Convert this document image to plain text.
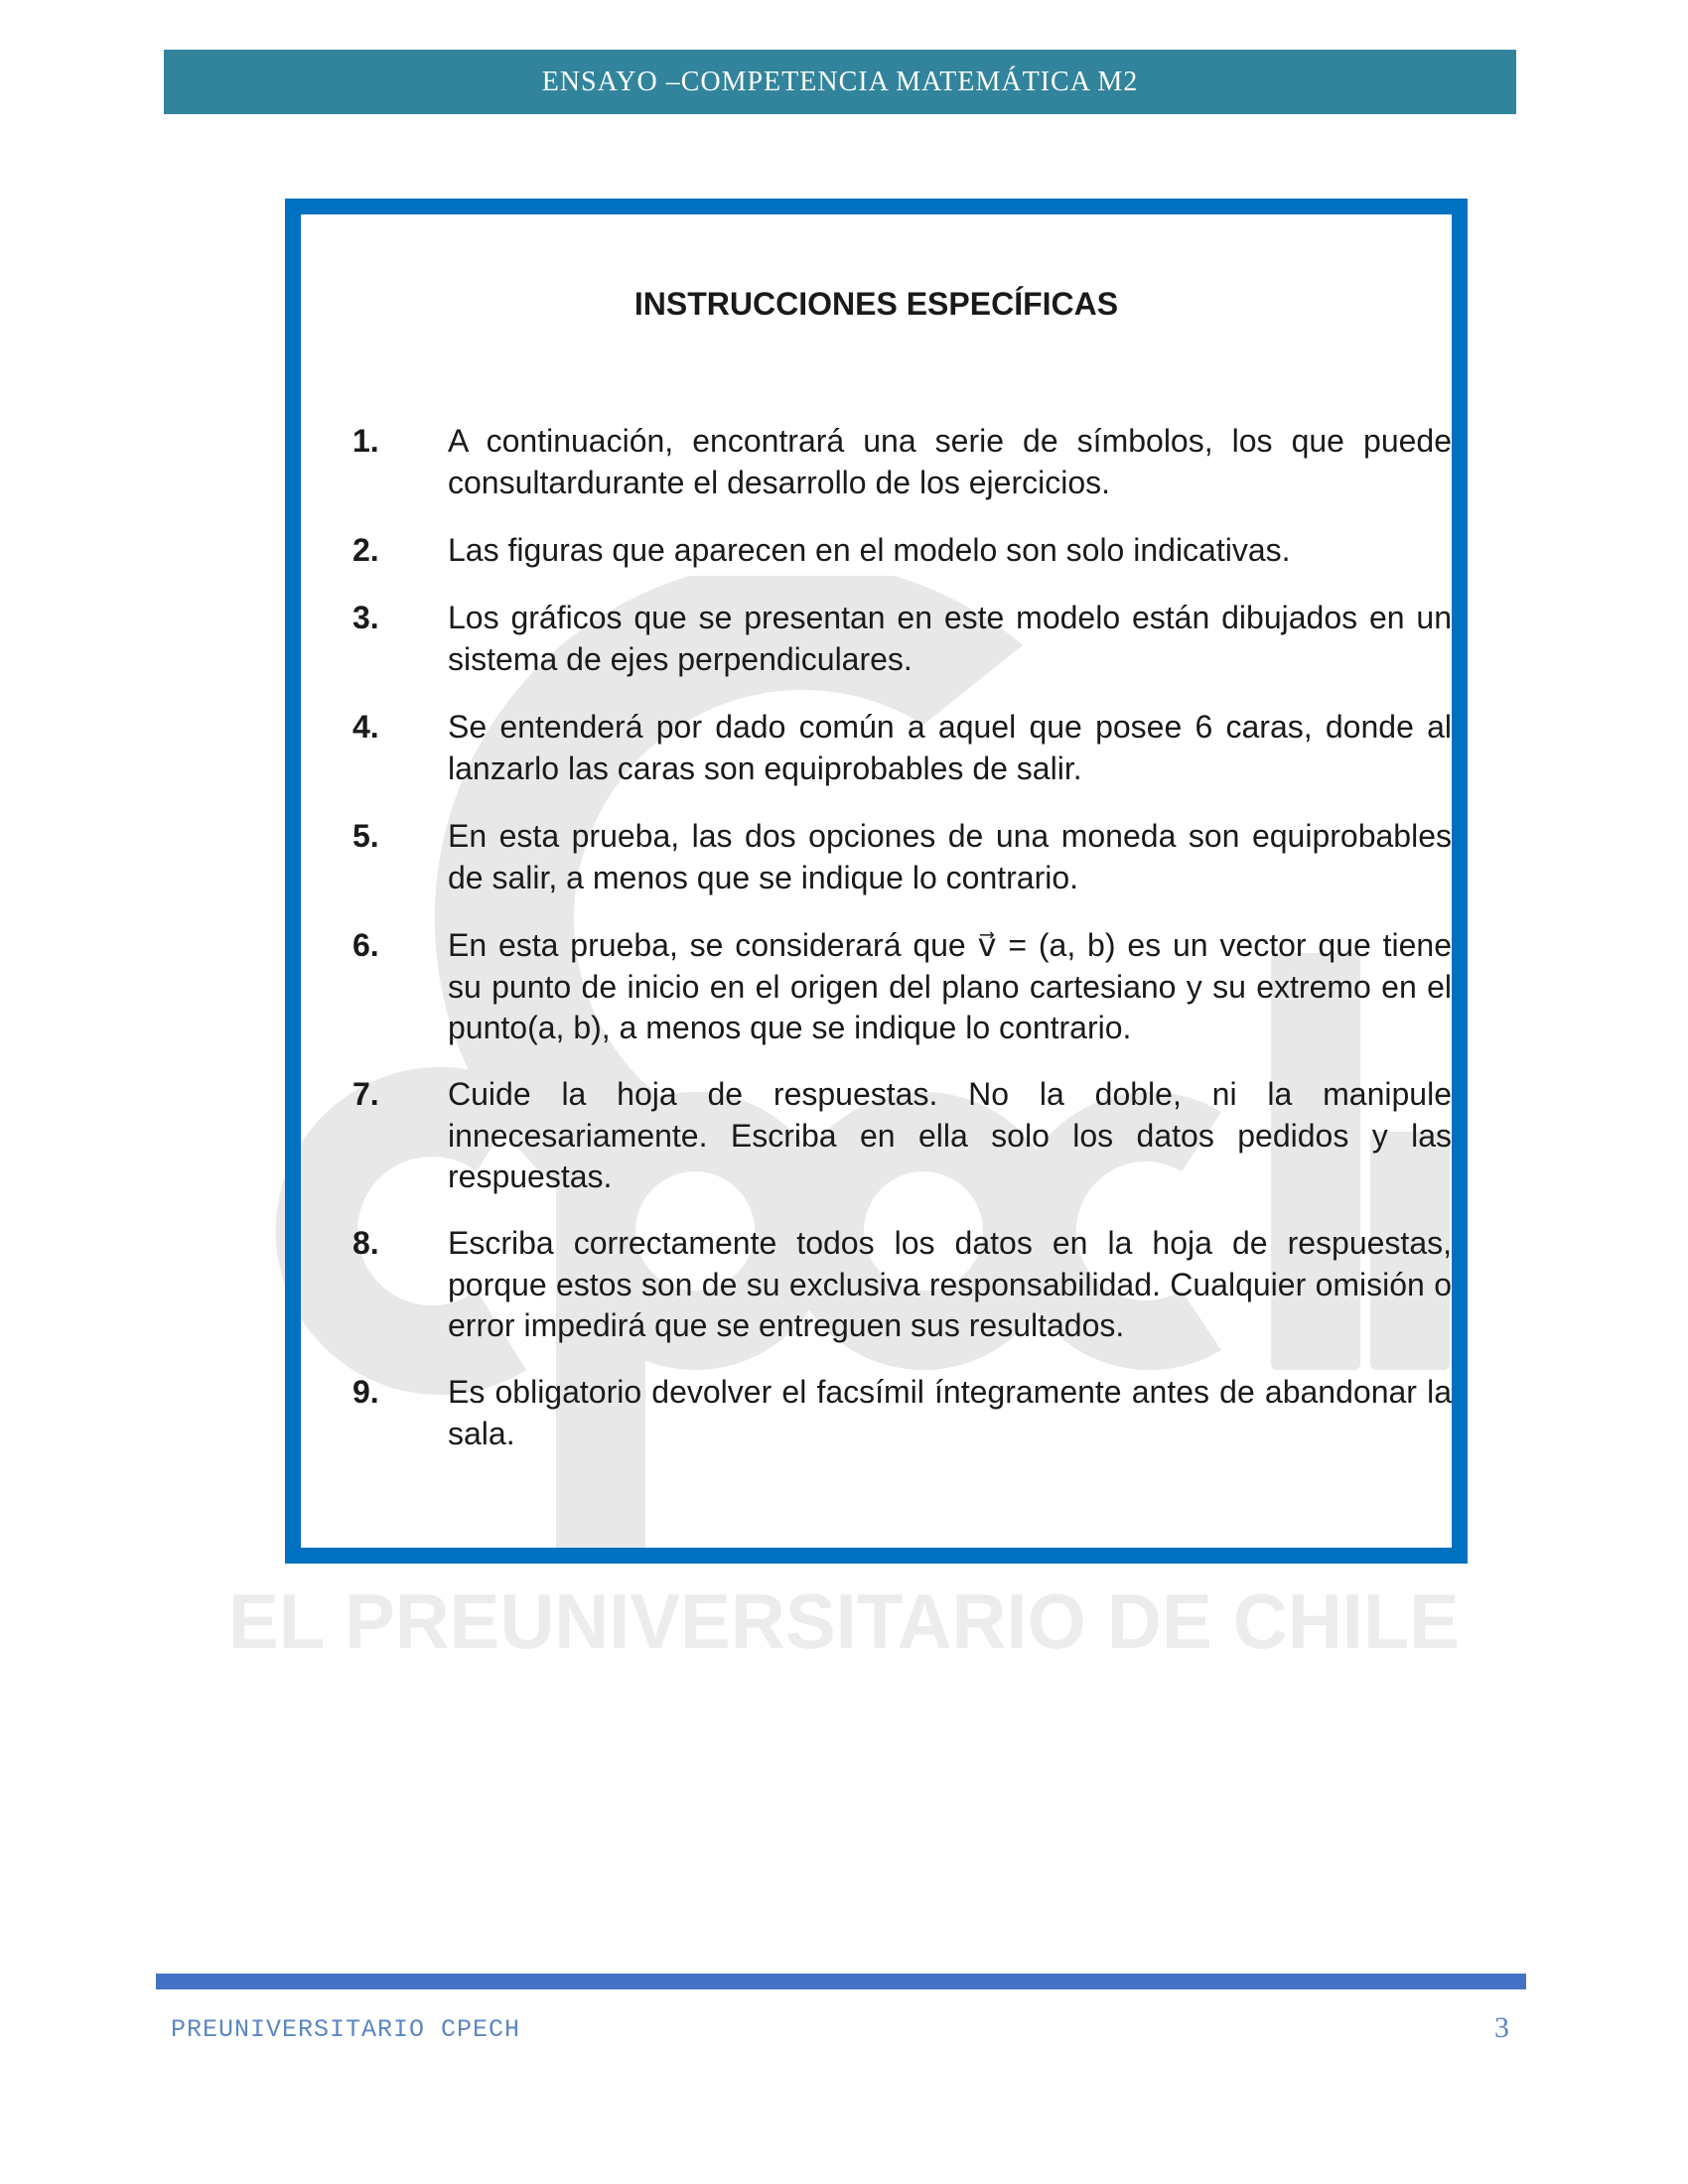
ENSAYO –COMPETENCIA MATEMÁTICA M2
EL PREUNIVERSITARIO DE CHILE
INSTRUCCIONES ESPECÍFICAS
1. A continuación, encontrará una serie de símbolos, los que puede consultardurante el desarrollo de los ejercicios.
2. Las figuras que aparecen en el modelo son solo indicativas.
3. Los gráficos que se presentan en este modelo están dibujados en un sistema de ejes perpendiculares.
4. Se entenderá por dado común a aquel que posee 6 caras, donde al lanzarlo las caras son equiprobables de salir.
5. En esta prueba, las dos opciones de una moneda son equiprobables de salir, a menos que se indique lo contrario.
6. En esta prueba, se considerará que v⃗ = (a, b) es un vector que tiene su punto de inicio en el origen del plano cartesiano y su extremo en el punto(a, b), a menos que se indique lo contrario.
7. Cuide la hoja de respuestas. No la doble, ni la manipule innecesariamente. Escriba en ella solo los datos pedidos y las respuestas.
8. Escriba correctamente todos los datos en la hoja de respuestas, porque estos son de su exclusiva responsabilidad. Cualquier omisión o error impedirá que se entreguen sus resultados.
9. Es obligatorio devolver el facsímil íntegramente antes de abandonar la sala.
PREUNIVERSITARIO CPECH	3
